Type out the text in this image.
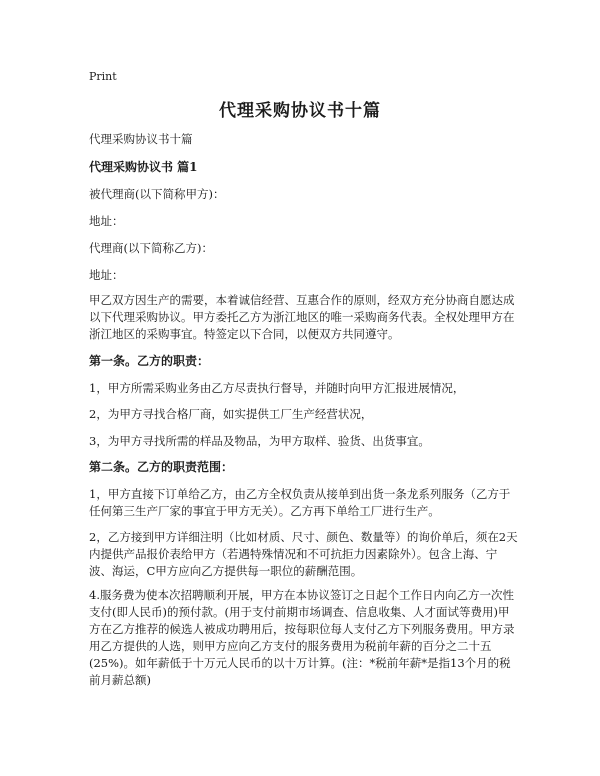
Print
代理采购协议书十篇
代理采购协议书十篇
代理采购协议书 篇1
被代理商(以下简称甲方)：
地址：
代理商(以下简称乙方)：
地址：
甲乙双方因生产的需要，本着诚信经营、互惠合作的原则，经双方充分协商自愿达成以下代理采购协议。甲方委托乙方为浙江地区的唯一采购商务代表。全权处理甲方在浙江地区的采购事宜。特签定以下合同，以便双方共同遵守。
第一条。乙方的职责：
1，甲方所需采购业务由乙方尽责执行督导，并随时向甲方汇报进展情况，
2，为甲方寻找合格厂商，如实提供工厂生产经营状况，
3，为甲方寻找所需的样品及物品，为甲方取样、验货、出货事宜。
第二条。乙方的职责范围：
1，甲方直接下订单给乙方，由乙方全权负责从接单到出货一条龙系列服务（乙方于任何第三生产厂家的事宜于甲方无关）。乙方再下单给工厂进行生产。
2，乙方接到甲方详细注明（比如材质、尺寸、颜色、数量等）的询价单后，须在2天内提供产品报价表给甲方（若遇特殊情况和不可抗拒力因素除外）。包含上海、宁波、海运，C甲方应向乙方提供每一职位的薪酬范围。
4.服务费为使本次招聘顺利开展，甲方在本协议签订之日起个工作日内向乙方一次性支付(即人民币)的预付款。(用于支付前期市场调查、信息收集、人才面试等费用)甲方在乙方推荐的候选人被成功聘用后，按每职位每人支付乙方下列服务费用。甲方录用乙方提供的人选，则甲方应向乙方支付的服务费用为税前年薪的百分之二十五(25%)。如年薪低于十万元人民币的以十万计算。(注：*税前年薪*是指13个月的税前月薪总额)
